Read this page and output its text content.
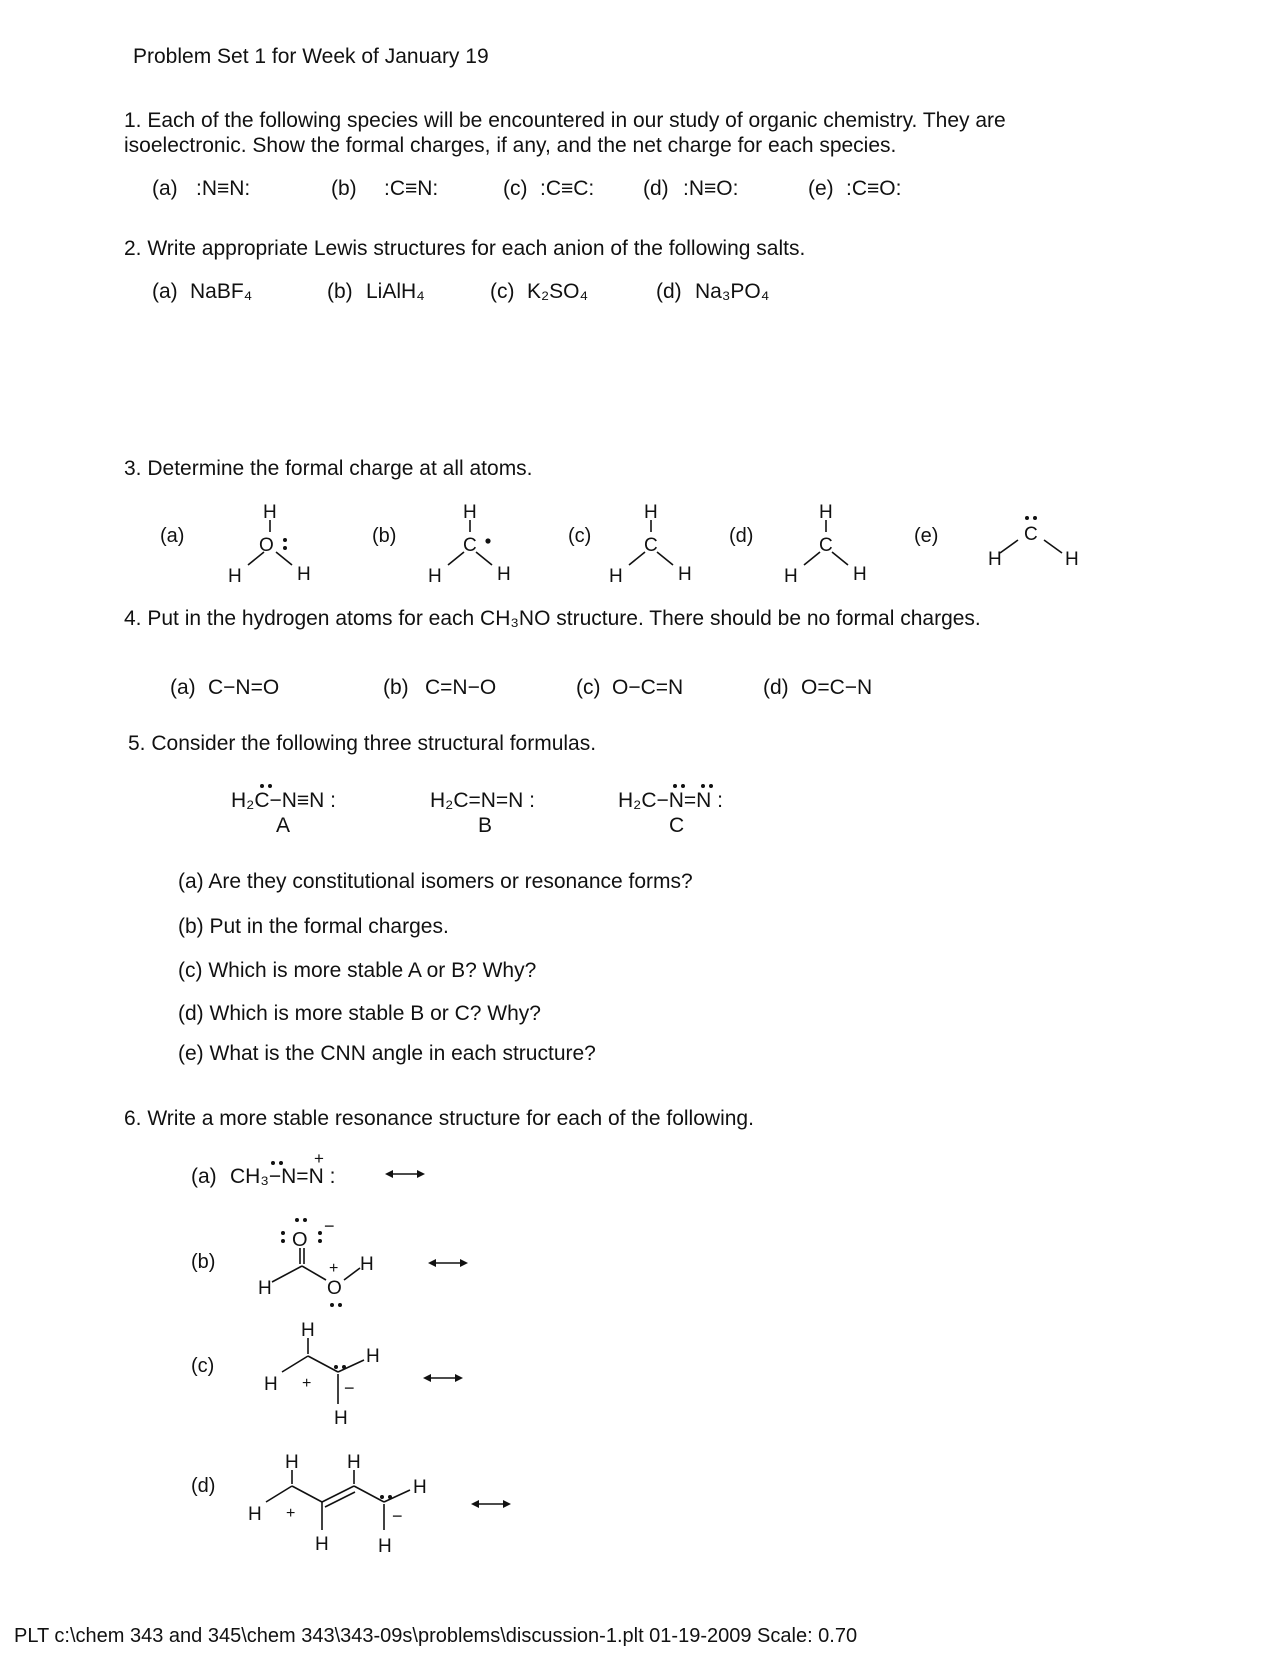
Problem Set 1 for Week of January 19
1. Each of the following species will be encountered in our study of organic chemistry. They are
isoelectronic. Show the formal charges, if any, and the net charge for each species.
(a) :N≡N:	(b) :C≡N:	(c) :C≡C: (d) :N≡O:	(e) :C≡O:
2. Write appropriate Lewis structures for each anion of the following salts.
(a) NaBF₄	(b) LiAlH₄	(c) K₂SO₄	(d) Na₃PO₄
3. Determine the formal charge at all atoms.
(a)	(b)	(c)	(d)	(e)
H
O
H	H
H
C
H	H
H
C
H	H
H
C
H	H
C
H	H
4. Put in the hydrogen atoms for each CH₃NO structure. There should be no formal charges.
(a) C−N=O	(b) C=N−O	(c) O−C=N	(d) O=C−N
5. Consider the following three structural formulas.
H₂C−N≡N :
A
H₂C=N=N :
B
H₂C−N=N :
C
(a) Are they constitutional isomers or resonance forms?
(b) Put in the formal charges.
(c) Which is more stable A or B? Why?
(d) Which is more stable B or C? Why?
(e) What is the CNN angle in each structure?
6. Write a more stable resonance structure for each of the following.
(a) CH₃−N=N :
(b)
(c)
(d)
+
O
−
H	O
+ H
H
H + −
H
H
H	H
H +	−
H
H	H
PLT c:\chem 343 and 345\chem 343\343-09s\problems\discussion-1.plt 01-19-2009 Scale: 0.70
